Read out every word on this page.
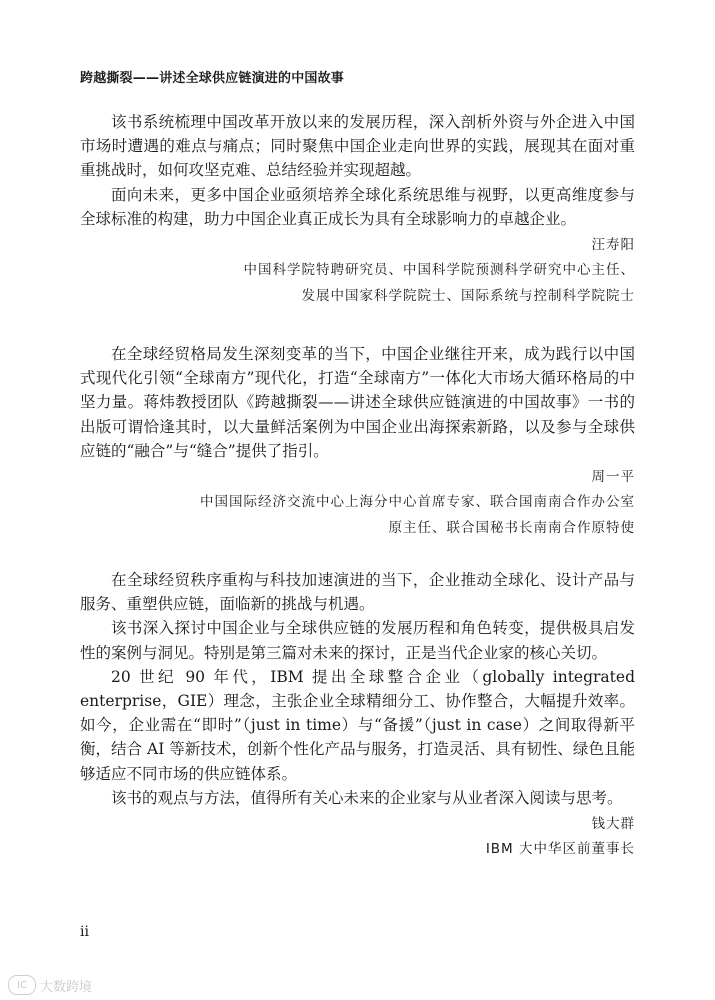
跨越撕裂——讲述全球供应链演进的中国故事

该书系统梳理中国改革开放以来的发展历程，深入剖析外资与外企进入中国市场时遭遇的难点与痛点；同时聚焦中国企业走向世界的实践，展现其在面对重重挑战时，如何攻坚克难、总结经验并实现超越。

面向未来，更多中国企业亟须培养全球化系统思维与视野，以更高维度参与全球标准的构建，助力中国企业真正成长为具有全球影响力的卓越企业。

汪寿阳
中国科学院特聘研究员、中国科学院预测科学研究中心主任、
发展中国家科学院院士、国际系统与控制科学院院士

在全球经贸格局发生深刻变革的当下，中国企业继往开来，成为践行以中国式现代化引领“全球南方”现代化，打造“全球南方”一体化大市场大循环格局的中坚力量。蒋炜教授团队《跨越撕裂——讲述全球供应链演进的中国故事》一书的出版可谓恰逢其时，以大量鲜活案例为中国企业出海探索新路，以及参与全球供应链的“融合”与“缝合”提供了指引。

周一平
中国国际经济交流中心上海分中心首席专家、联合国南南合作办公室
原主任、联合国秘书长南南合作原特使

在全球经贸秩序重构与科技加速演进的当下，企业推动全球化、设计产品与服务、重塑供应链，面临新的挑战与机遇。

该书深入探讨中国企业与全球供应链的发展历程和角色转变，提供极具启发性的案例与洞见。特别是第三篇对未来的探讨，正是当代企业家的核心关切。

20 世纪 90 年代，IBM 提出全球整合企业（globally integrated enterprise，GIE）理念，主张企业全球精细分工、协作整合，大幅提升效率。如今，企业需在“即时”（just in time）与“备援”（just in case）之间取得新平衡，结合 AI 等新技术，创新个性化产品与服务，打造灵活、具有韧性、绿色且能够适应不同市场的供应链体系。

该书的观点与方法，值得所有关心未来的企业家与从业者深入阅读与思考。

钱大群
IBM 大中华区前董事长
ii
IC	大数跨境
